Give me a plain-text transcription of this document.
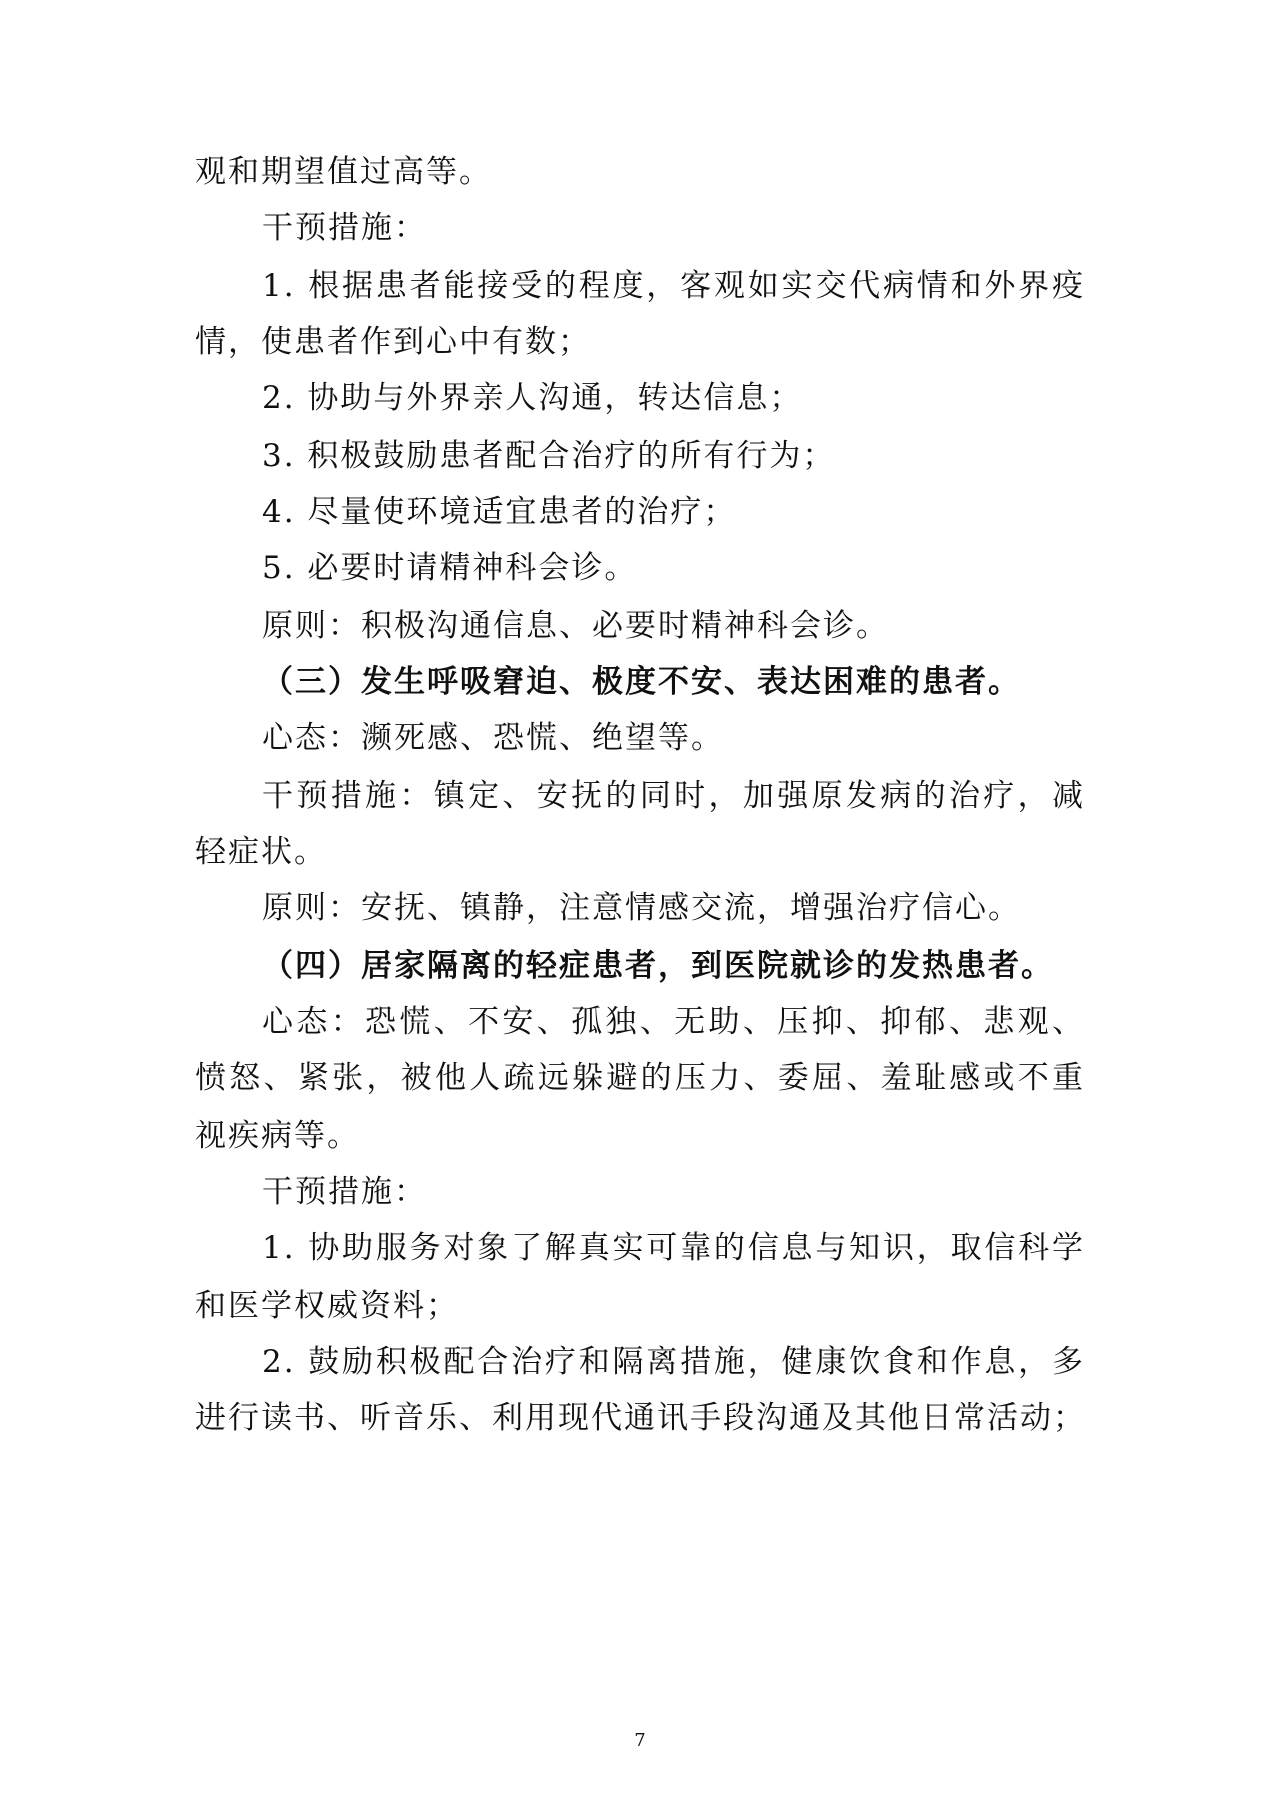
观和期望值过高等。
干预措施：
1. 根据患者能接受的程度，客观如实交代病情和外界疫
情，使患者作到心中有数；
2. 协助与外界亲人沟通，转达信息；
3. 积极鼓励患者配合治疗的所有行为；
4. 尽量使环境适宜患者的治疗；
5. 必要时请精神科会诊。
原则：积极沟通信息、必要时精神科会诊。
（三）发生呼吸窘迫、极度不安、表达困难的患者。
心态：濒死感、恐慌、绝望等。
干预措施：镇定、安抚的同时，加强原发病的治疗，减
轻症状。
原则：安抚、镇静，注意情感交流，增强治疗信心。
（四）居家隔离的轻症患者，到医院就诊的发热患者。
心态：恐慌、不安、孤独、无助、压抑、抑郁、悲观、
愤怒、紧张，被他人疏远躲避的压力、委屈、羞耻感或不重
视疾病等。
干预措施：
1. 协助服务对象了解真实可靠的信息与知识，取信科学
和医学权威资料；
2. 鼓励积极配合治疗和隔离措施，健康饮食和作息，多
进行读书、听音乐、利用现代通讯手段沟通及其他日常活动；
7
